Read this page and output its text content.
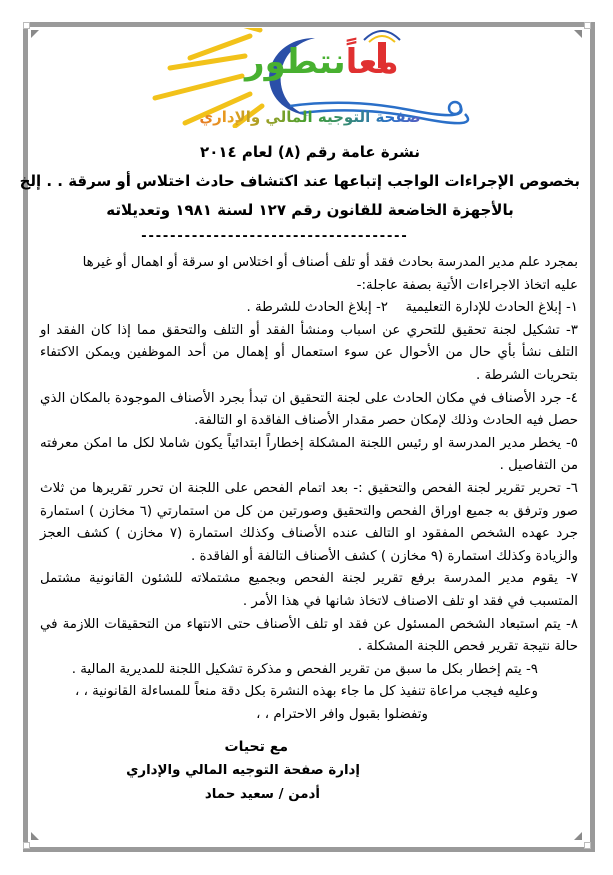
معاًنتطور
صفحة التوجيه المالي والإداري
نشرة عامة رقم (٨) لعام ٢٠١٤
بخصوص الإجراءات الواجب إتباعها عند اكتشاف حادث اختلاس أو سرقة . . إلخ
بالأجهزة الخاضعة للقانون رقم ١٢٧ لسنة ١٩٨١ وتعديلاته
-------------------------------------

بمجرد علم مدير المدرسة بحادث فقد أو تلف أصناف أو اختلاس او سرقة أو اهمال أو غيرها

عليه اتخاذ الاجراءات الأتية بصفة عاجلة:-

١- إبلاغ الحادث للإدارة التعليمية
٢- إبلاغ الحادث للشرطة .

٣- تشكيل لجنة تحقيق للتحري عن اسباب ومنشأ الفقد أو التلف والتحقق مما إذا كان الفقد او التلف نشأ بأي حال من الأحوال عن سوء استعمال أو إهمال من أحد الموظفين ويمكن الاكتفاء بتحريات الشرطة .

٤- جرد الأصناف في مكان الحادث على لجنة التحقيق ان تبدأ بجرد الأصناف الموجودة بالمكان الذي حصل فيه الحادث وذلك لإمكان حصر مقدار الأصناف الفاقدة او التالفة.

٥- يخطر مدير المدرسة او رئيس اللجنة المشكلة إخطاراً ابتدائياً يكون شاملا لكل ما امكن معرفته من التفاصيل .

٦- تحرير تقرير لجنة الفحص والتحقيق :- بعد اتمام الفحص على اللجنة ان تحرر تقريرها من ثلاث صور وترفق به جميع اوراق الفحص والتحقيق وصورتين من كل من استمارتي (٦ مخازن ) استمارة جرد عهده الشخص المفقود او التالف عنده الأصناف وكذلك استمارة (٧ مخازن ) كشف العجز والزيادة وكذلك استمارة (٩ مخازن ) كشف الأصناف التالفة أو الفاقدة .

٧- يقوم مدير المدرسة برفع تقرير لجنة الفحص وبجميع مشتملاته للشئون القانونية مشتمل المتسبب في فقد او تلف الاصناف لاتخاذ شانها في هذا الأمر .

٨- يتم استبعاد الشخص المسئول عن فقد او تلف الأصناف حتى الانتهاء من التحقيقات اللازمة في حالة نتيجة تقرير فحص اللجنة المشكلة .

٩- يتم إخطار بكل ما سبق من تقرير الفحص و مذكرة تشكيل اللجنة للمديرية المالية .

وعليه فيجب مراعاة تنفيذ كل ما جاء بهذه النشرة بكل دقة منعاً للمساءلة القانونية ، ،

وتفضلوا بقبول وافر الاحترام ، ،

مع تحيات
إدارة صفحة التوجيه المالي والإداري
أدمن / سعيد حماد
